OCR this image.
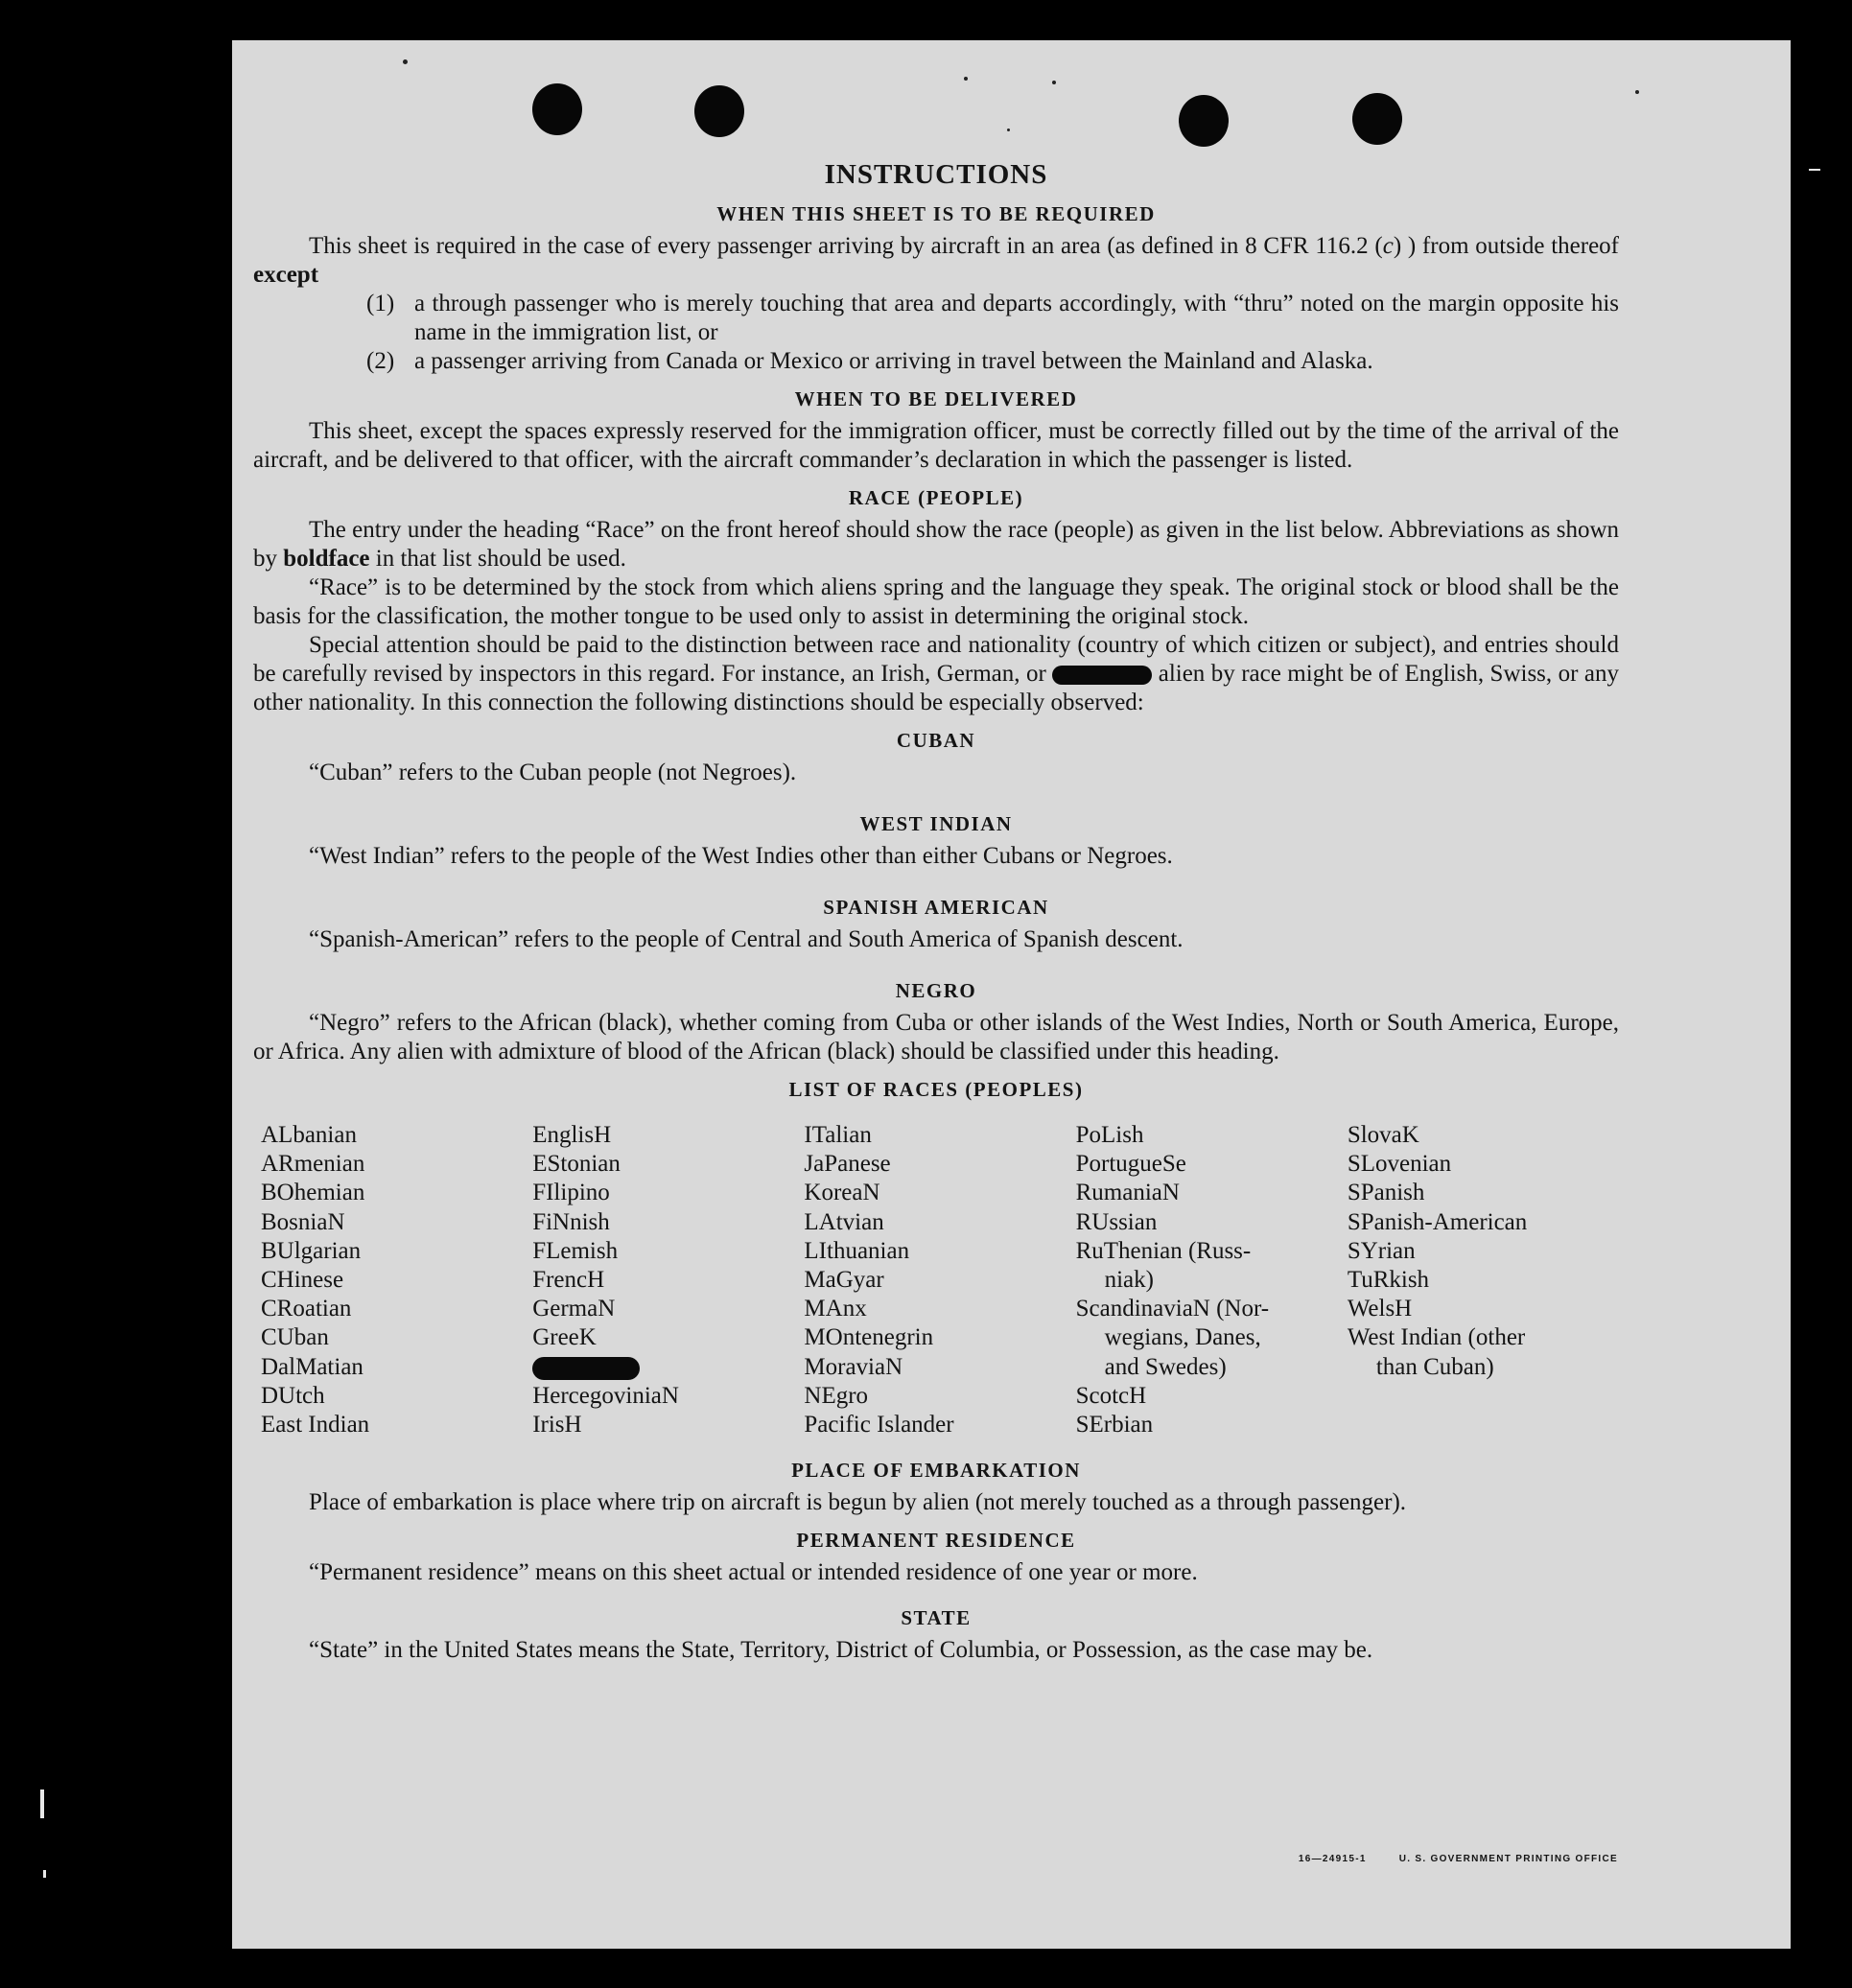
INSTRUCTIONS
WHEN THIS SHEET IS TO BE REQUIRED

This sheet is required in the case of every passenger arriving by aircraft in an area (as defined in 8 CFR 116.2 (c) ) from outside thereof except

(1) a through passenger who is merely touching that area and departs accordingly, with “thru” noted on the margin opposite his name in the immigration list, or
(2) a passenger arriving from Canada or Mexico or arriving in travel between the Mainland and Alaska.
WHEN TO BE DELIVERED

This sheet, except the spaces expressly reserved for the immigration officer, must be correctly filled out by the time of the arrival of the aircraft, and be delivered to that officer, with the aircraft commander’s declaration in which the passenger is listed.

RACE (PEOPLE)

The entry under the heading “Race” on the front hereof should show the race (people) as given in the list below. Abbreviations as shown by boldface in that list should be used.

“Race” is to be determined by the stock from which aliens spring and the language they speak. The original stock or blood shall be the basis for the classification, the mother tongue to be used only to assist in determining the original stock.

Special attention should be paid to the distinction between race and nationality (country of which citizen or subject), and entries should be carefully revised by inspectors in this regard. For instance, an Irish, German, or	alien by race might be of English, Swiss, or any other nationality. In this connection the following distinctions should be especially observed:

CUBAN

“Cuban” refers to the Cuban people (not Negroes).

WEST INDIAN

“West Indian” refers to the people of the West Indies other than either Cubans or Negroes.

SPANISH AMERICAN

“Spanish-American” refers to the people of Central and South America of Spanish descent.

NEGRO

“Negro” refers to the African (black), whether coming from Cuba or other islands of the West Indies, North or South America, Europe, or Africa. Any alien with admixture of blood of the African (black) should be classified under this heading.

LIST OF RACES (PEOPLES)
ALbanian
ARmenian
BOhemian
BosniaN
BUlgarian
CHinese
CRoatian
CUban
DalMatian
DUtch
East Indian
EnglisH
EStonian
FIlipino
FiNnish
FLemish
FrencH
GermaN
GreeK
HercegoviniaN
IrisH
ITalian
JaPanese
KoreaN
LAtvian
LIthuanian
MaGyar
MAnx
MOntenegrin
MoraviaN
NEgro
Pacific Islander
PoLish
PortugueSe
RumaniaN
RUssian
RuThenian (Russ-
niak)
ScandinaviaN (Nor-
wegians, Danes,
and Swedes)
ScotcH
SErbian
SlovaK
SLovenian
SPanish
SPanish-American
SYrian
TuRkish
WelsH
West Indian (other
than Cuban)
PLACE OF EMBARKATION

Place of embarkation is place where trip on aircraft is begun by alien (not merely touched as a through passenger).

PERMANENT RESIDENCE

“Permanent residence” means on this sheet actual or intended residence of one year or more.

STATE

“State” in the United States means the State, Territory, District of Columbia, or Possession, as the case may be.

16—24915-1	U. S. GOVERNMENT PRINTING OFFICE
